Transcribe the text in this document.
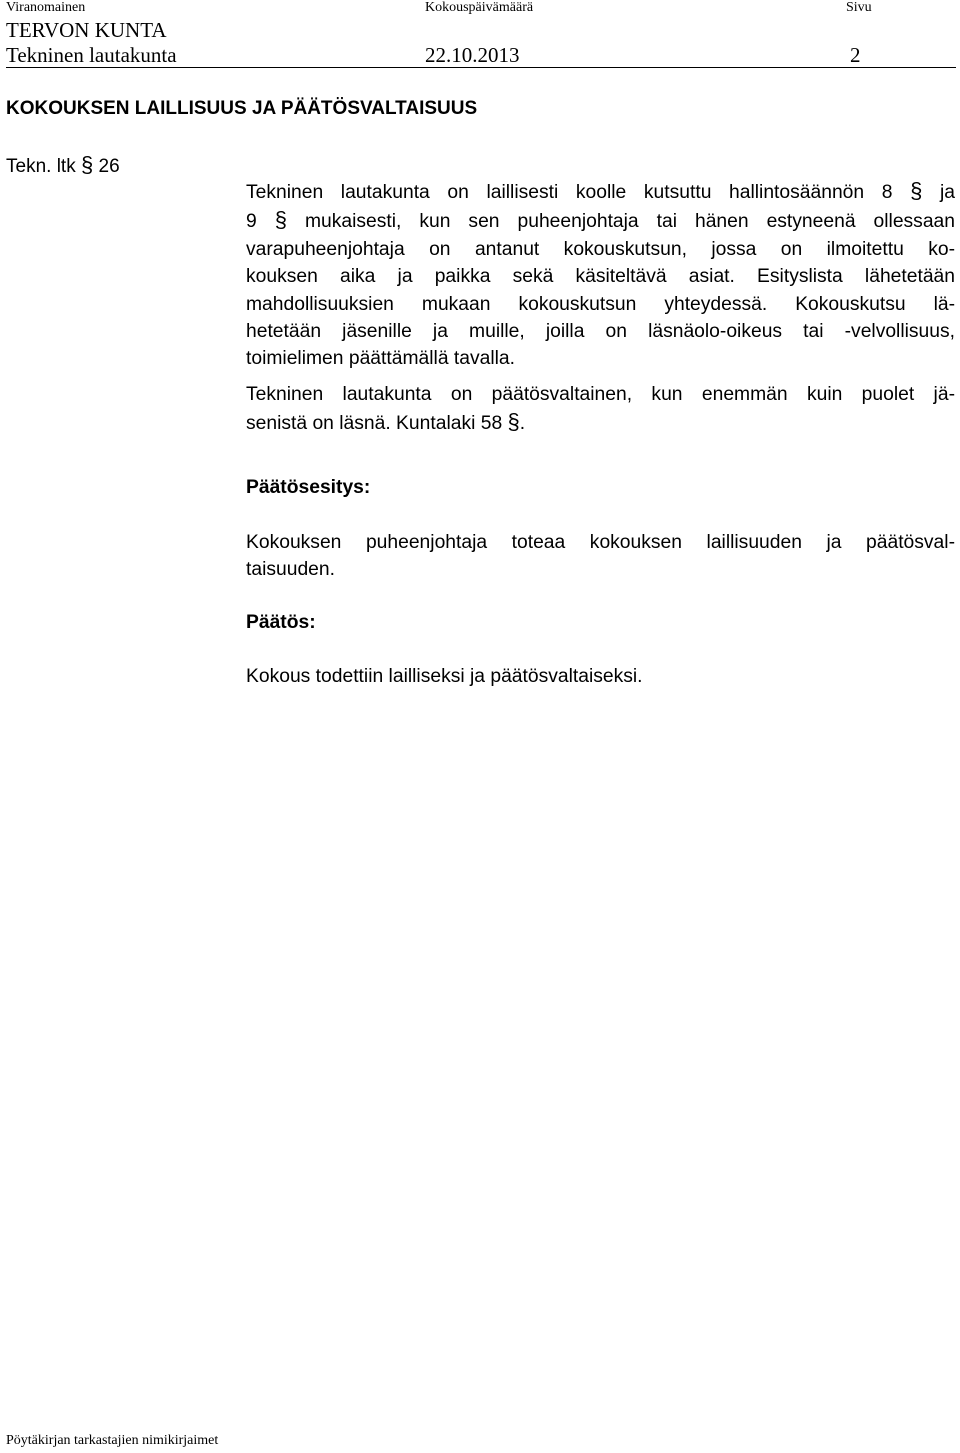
Viranomainen	Kokouspäivämäärä	Sivu
TERVON KUNTA
Tekninen lautakunta	22.10.2013	2
KOKOUKSEN LAILLISUUS JA PÄÄTÖSVALTAISUUS
Tekn. ltk § 26
Tekninen lautakunta on laillisesti koolle kutsuttu hallintosäännön 8 § ja
9 § mukaisesti, kun sen puheenjohtaja tai hänen estyneenä ollessaan
varapuheenjohtaja on antanut kokouskutsun, jossa on ilmoitettu ko-
kouksen aika ja paikka sekä käsiteltävä asiat. Esityslista lähetetään
mahdollisuuksien mukaan kokouskutsun yhteydessä. Kokouskutsu lä-
hetetään jäsenille ja muille, joilla on läsnäolo-oikeus tai -velvollisuus,
toimielimen päättämällä tavalla.
Tekninen lautakunta on päätösvaltainen, kun enemmän kuin puolet jä-
senistä on läsnä. Kuntalaki 58 §.
Päätösesitys:
Kokouksen puheenjohtaja toteaa kokouksen laillisuuden ja päätösval-
taisuuden.
Päätös:
Kokous todettiin lailliseksi ja päätösvaltaiseksi.
Pöytäkirjan tarkastajien nimikirjaimet
